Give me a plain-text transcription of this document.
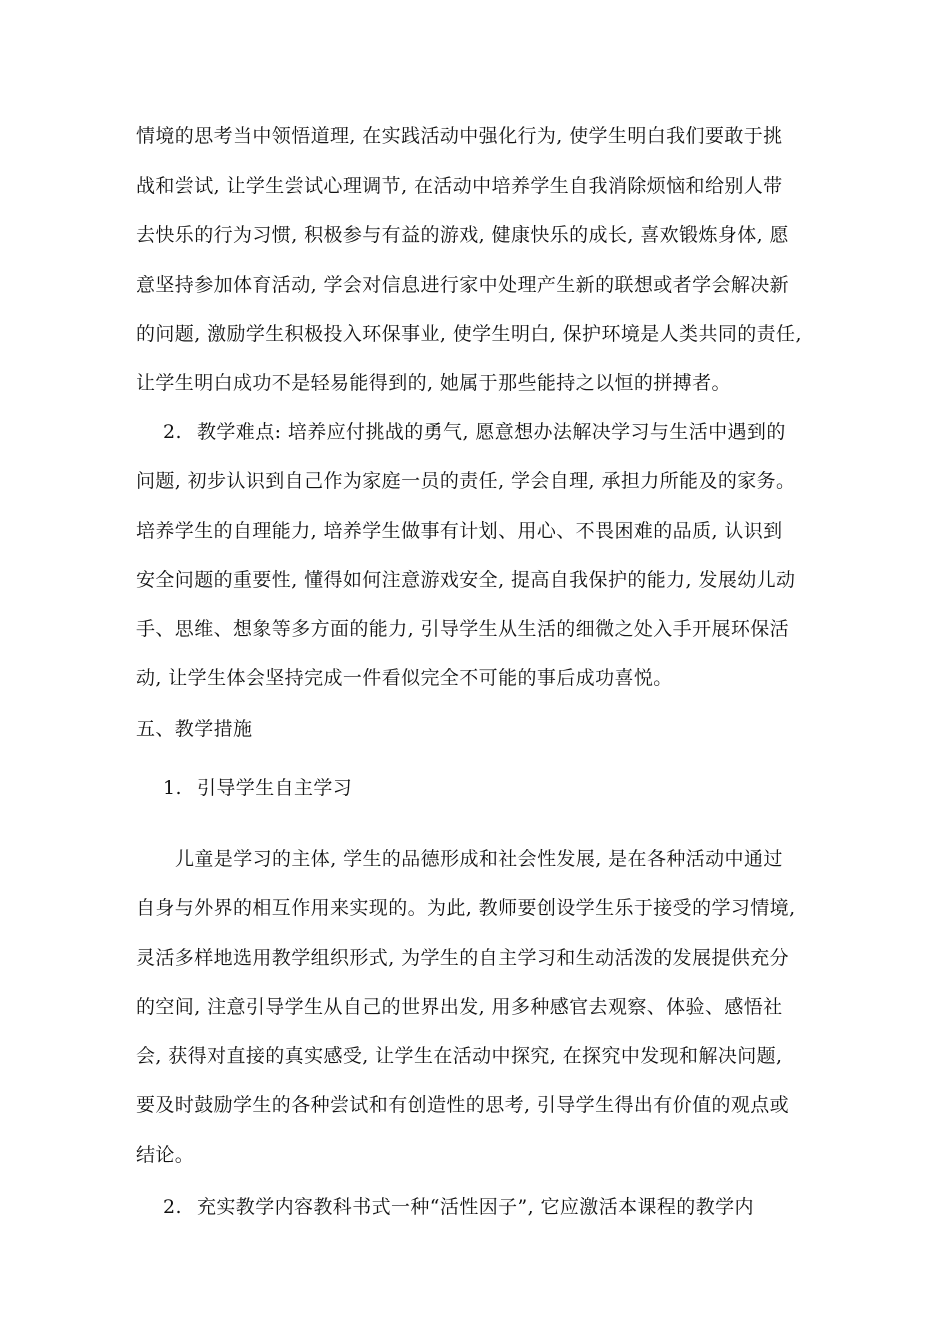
情境的思考当中领悟道理, 在实践活动中强化行为, 使学生明白我们要敢于挑
战和尝试, 让学生尝试心理调节, 在活动中培养学生自我消除烦恼和给别人带
去快乐的行为习惯, 积极参与有益的游戏, 健康快乐的成长, 喜欢锻炼身体, 愿
意坚持参加体育活动, 学会对信息进行家中处理产生新的联想或者学会解决新
的问题, 激励学生积极投入环保事业, 使学生明白, 保护环境是人类共同的责任,
让学生明白成功不是轻易能得到的, 她属于那些能持之以恒的拼搏者。
2. 教学难点: 培养应付挑战的勇气, 愿意想办法解决学习与生活中遇到的
问题, 初步认识到自己作为家庭一员的责任, 学会自理, 承担力所能及的家务。
培养学生的自理能力, 培养学生做事有计划、用心、不畏困难的品质, 认识到
安全问题的重要性, 懂得如何注意游戏安全, 提高自我保护的能力, 发展幼儿动
手、思维、想象等多方面的能力, 引导学生从生活的细微之处入手开展环保活
动, 让学生体会坚持完成一件看似完全不可能的事后成功喜悦。
五、教学措施
1. 引导学生自主学习
儿童是学习的主体, 学生的品德形成和社会性发展, 是在各种活动中通过
自身与外界的相互作用来实现的。为此, 教师要创设学生乐于接受的学习情境,
灵活多样地选用教学组织形式, 为学生的自主学习和生动活泼的发展提供充分
的空间, 注意引导学生从自己的世界出发, 用多种感官去观察、体验、感悟社
会, 获得对直接的真实感受, 让学生在活动中探究, 在探究中发现和解决问题,
要及时鼓励学生的各种尝试和有创造性的思考, 引导学生得出有价值的观点或
结论。
2. 充实教学内容教科书式一种“活性因子”, 它应激活本课程的教学内
